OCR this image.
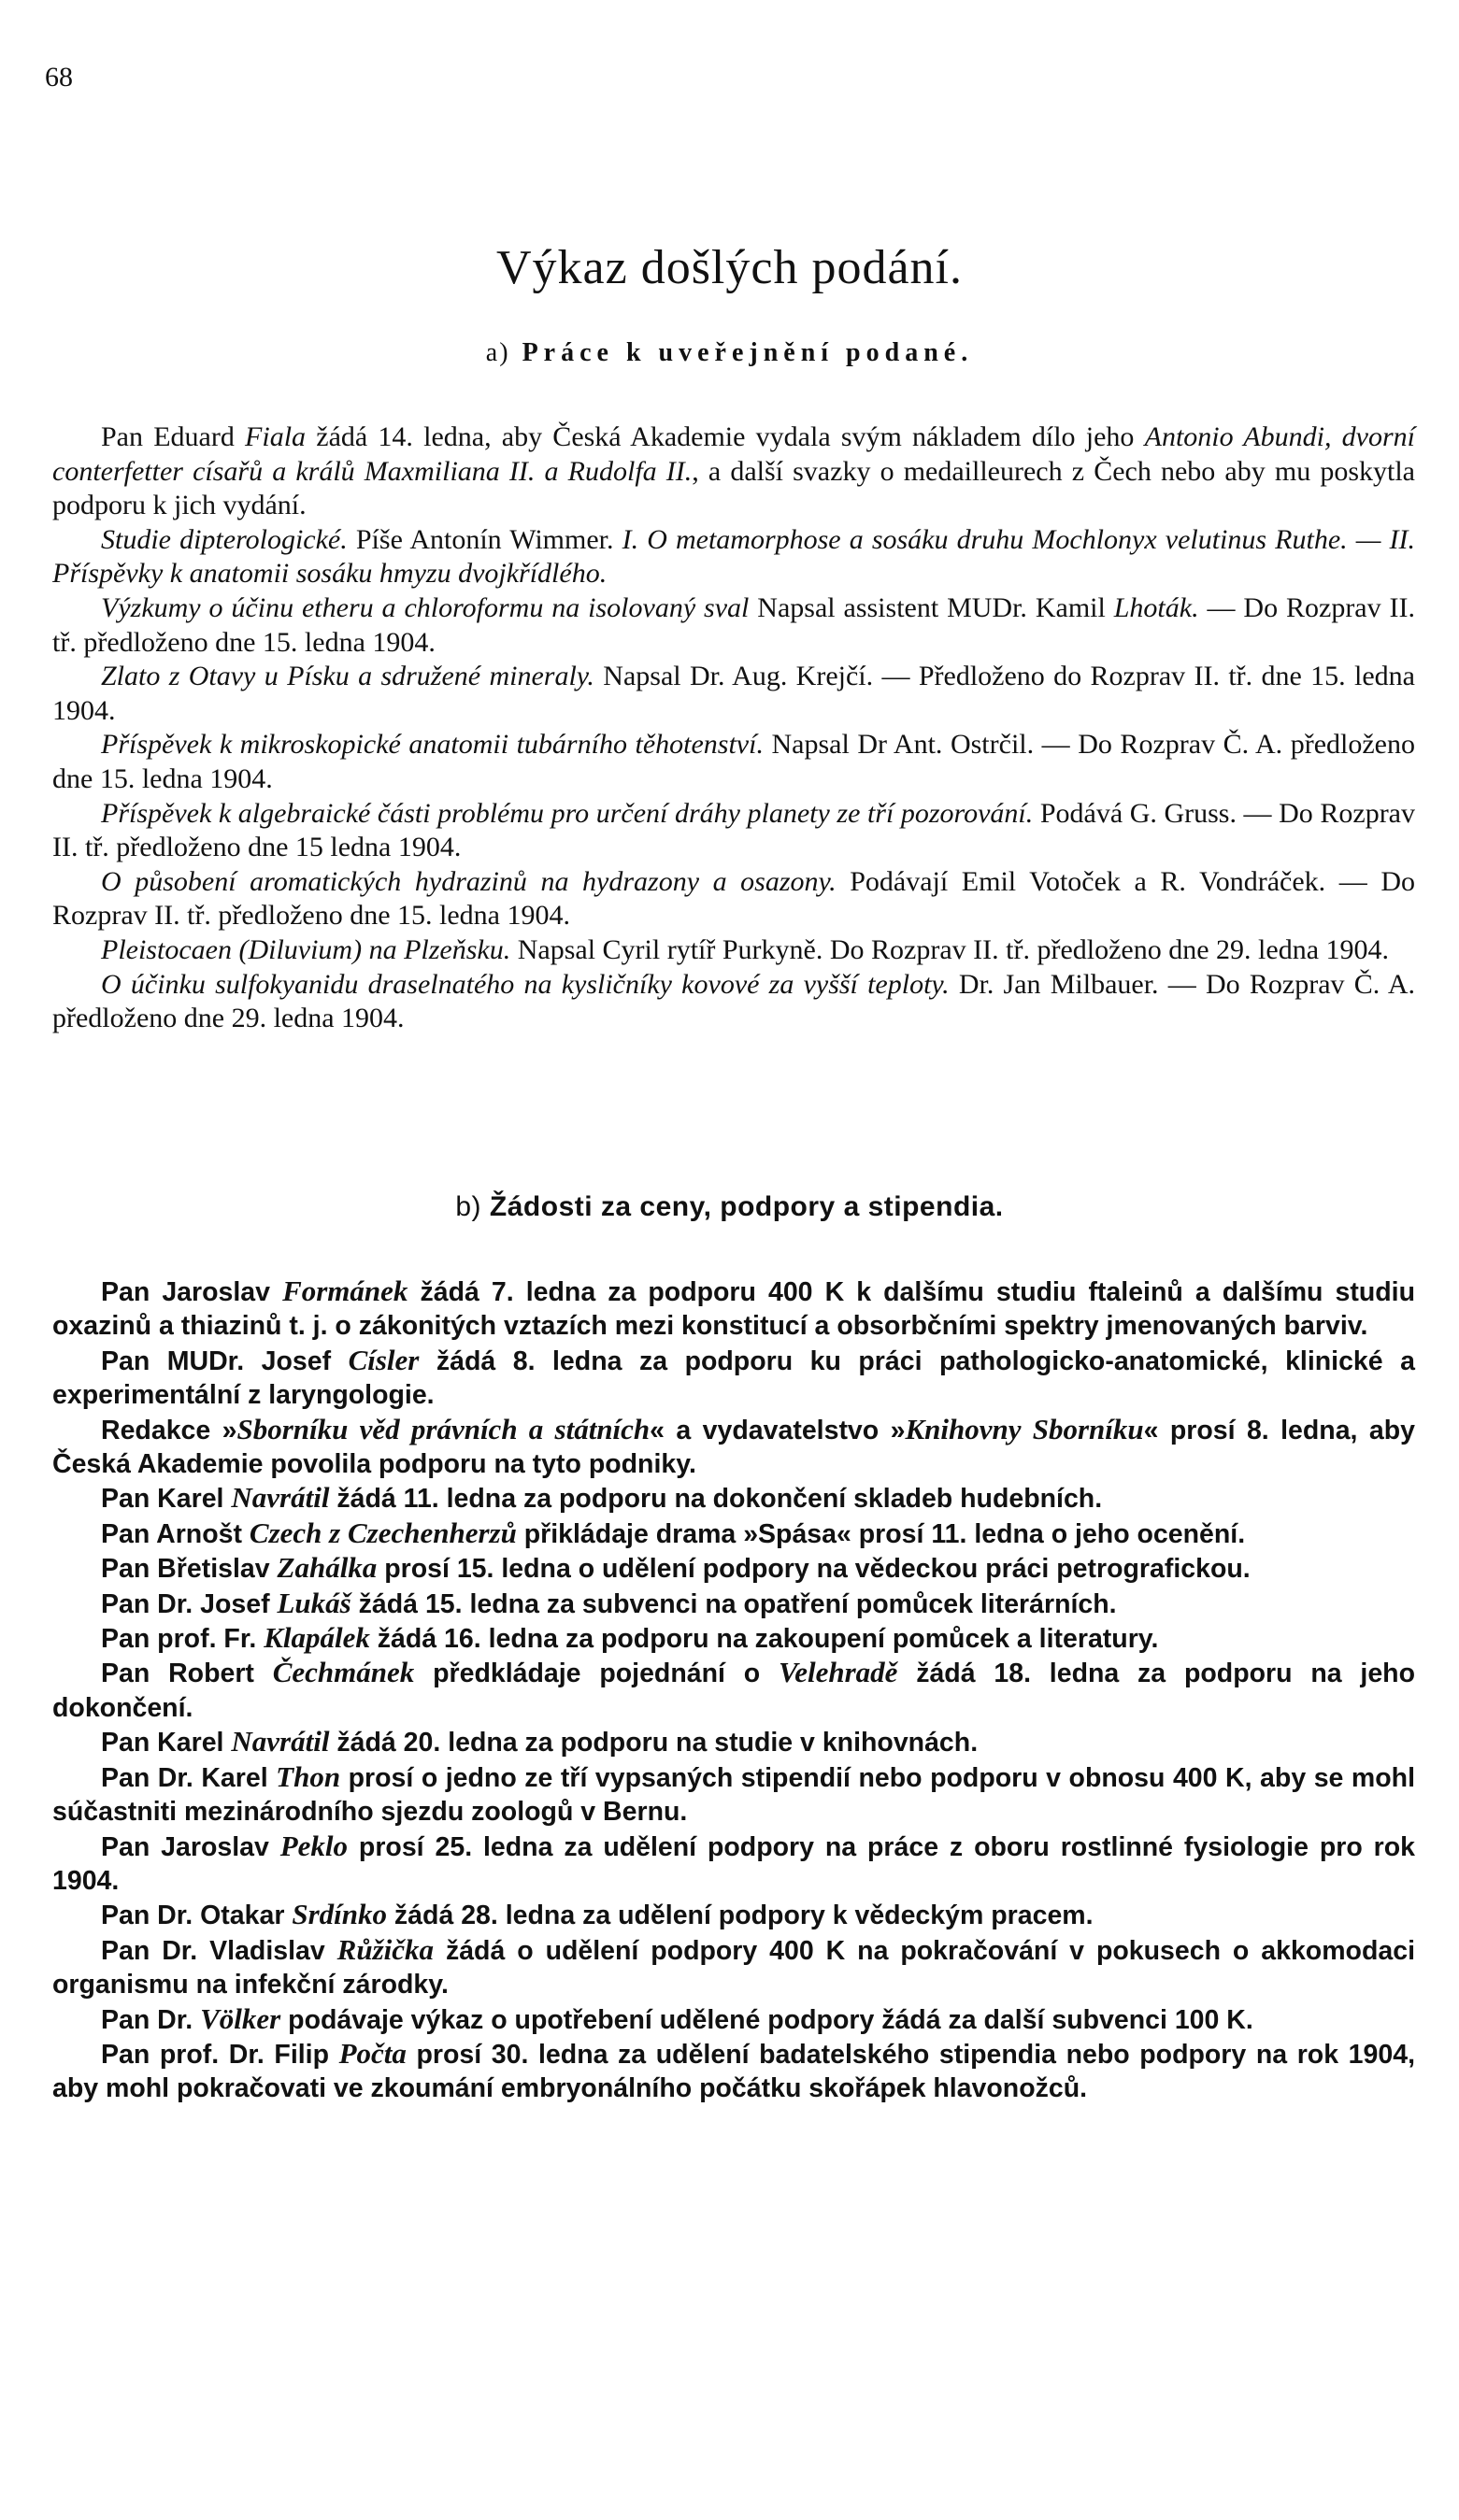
68
Výkaz došlých podání.
a) Práce k uveřejnění podané.

Pan Eduard Fiala žádá 14. ledna, aby Česká Akademie vydala svým nákladem dílo jeho Antonio Abundi, dvorní conterfetter císařů a králů Maxmiliana II. a Rudolfa II., a další svazky o medailleurech z Čech nebo aby mu poskytla podporu k jich vydání.

Studie dipterologické. Píše Antonín Wimmer. I. O metamorphose a sosáku druhu Mochlonyx velutinus Ruthe. — II. Příspěvky k anatomii sosáku hmyzu dvojkřídlého.

Výzkumy o účinu etheru a chloroformu na isolovaný sval Napsal assistent MUDr. Kamil Lhoták. — Do Rozprav II. tř. předloženo dne 15. ledna 1904.

Zlato z Otavy u Písku a sdružené mineraly. Napsal Dr. Aug. Krejčí. — Předloženo do Rozprav II. tř. dne 15. ledna 1904.

Příspěvek k mikroskopické anatomii tubárního těhotenství. Napsal Dr Ant. Ostrčil. — Do Rozprav Č. A. předloženo dne 15. ledna 1904.

Příspěvek k algebraické části problému pro určení dráhy planety ze tří pozorování. Podává G. Gruss. — Do Rozprav II. tř. předloženo dne 15 ledna 1904.

O působení aromatických hydrazinů na hydrazony a osazony. Podávají Emil Votoček a R. Vondráček. — Do Rozprav II. tř. předloženo dne 15. ledna 1904.

Pleistocaen (Diluvium) na Plzeňsku. Napsal Cyril rytíř Purkyně. Do Rozprav II. tř. předloženo dne 29. ledna 1904.

O účinku sulfokyanidu draselnatého na kysličníky kovové za vyšší teploty. Dr. Jan Milbauer. — Do Rozprav Č. A. předloženo dne 29. ledna 1904.

b) Žádosti za ceny, podpory a stipendia.

Pan Jaroslav Formánek žádá 7. ledna za podporu 400 K k dalšímu studiu ftaleinů a dalšímu studiu oxazinů a thiazinů t. j. o zákonitých vztazích mezi konstitucí a obsorbčními spektry jmenovaných barviv.

Pan MUDr. Josef Císler žádá 8. ledna za podporu ku práci pathologicko-anatomické, klinické a experimentální z laryngologie.

Redakce »Sborníku věd právních a státních« a vydavatelstvo »Knihovny Sborníku« prosí 8. ledna, aby Česká Akademie povolila podporu na tyto podniky.

Pan Karel Navrátil žádá 11. ledna za podporu na dokončení skladeb hudebních.

Pan Arnošt Czech z Czechenherzů přikládaje drama »Spása« prosí 11. ledna o jeho ocenění.

Pan Břetislav Zahálka prosí 15. ledna o udělení podpory na vědeckou práci petrografickou.

Pan Dr. Josef Lukáš žádá 15. ledna za subvenci na opatření pomůcek literárních.

Pan prof. Fr. Klapálek žádá 16. ledna za podporu na zakoupení pomůcek a literatury.

Pan Robert Čechmánek předkládaje pojednání o Velehradě žádá 18. ledna za podporu na jeho dokončení.

Pan Karel Navrátil žádá 20. ledna za podporu na studie v knihovnách.

Pan Dr. Karel Thon prosí o jedno ze tří vypsaných stipendií nebo podporu v obnosu 400 K, aby se mohl súčastniti mezinárodního sjezdu zoologů v Bernu.

Pan Jaroslav Peklo prosí 25. ledna za udělení podpory na práce z oboru rostlinné fysiologie pro rok 1904.

Pan Dr. Otakar Srdínko žádá 28. ledna za udělení podpory k vědeckým pracem.

Pan Dr. Vladislav Růžička žádá o udělení podpory 400 K na pokračování v pokusech o akkomodaci organismu na infekční zárodky.

Pan Dr. Völker podávaje výkaz o upotřebení udělené podpory žádá za další subvenci 100 K.

Pan prof. Dr. Filip Počta prosí 30. ledna za udělení badatelského stipendia nebo podpory na rok 1904, aby mohl pokračovati ve zkoumání embryonálního počátku skořápek hlavonožců.
